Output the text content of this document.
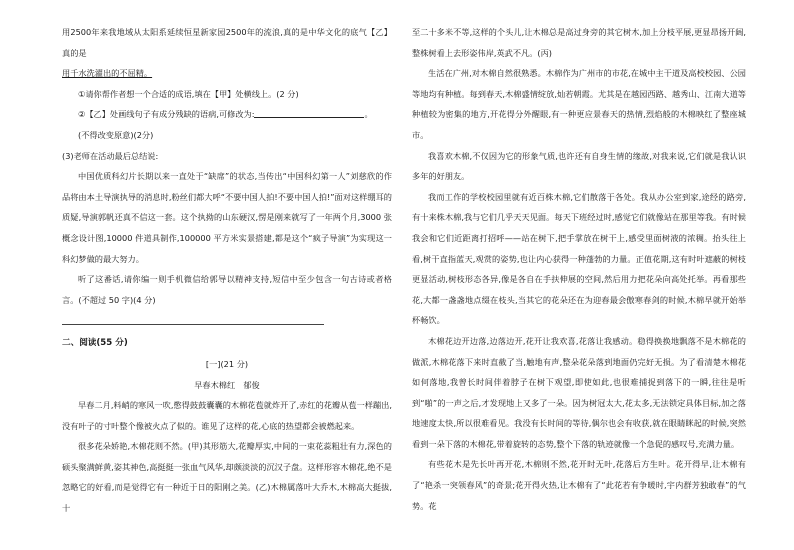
用2500年来我地域从太阳系延续恒星新家园2500年的流浪,真的是中华文化的底气【乙】真的是
用千水洗濯出的不屈精。

①请你帮作者想一个合适的成语,填在【甲】处横线上。(2 分)

②【乙】处画线句子有成分残缺的语病,可修改为:	。

(不得改变原意)(2分)

(3)老师在活动最后总结说:

中国优质科幻片长期以来一直处于“缺席”的状态,当传出“中国科幻第一人”刘慈欣的作品将由本土导演执导的消息时,粉丝们都大呼“不要中国人拍!不要中国人拍!”面对这样绷耳的质疑,导演郭帆还真不信这一套。这个执拗的山东硬汉,愣是刚来就写了一年两个月,3000 张概念设计图,10000 件道具制作,100000 平方米实景搭建,都是这个“疯子导演”为实现这一科幻梦做的最大努力。

听了这番话,请你编一则手机微信给郭导以精神支持,短信中至少包含一句古诗或者格言。(不超过 50 字)(4 分)

二、阅读(55 分)

[一](21 分)

早春木棉红　郁俊

早春二月,料峭的寒风一吹,憋得鼓鼓囊囊的木棉花苞就炸开了,赤红的花瓣从苞一样蹦出,没有叶子的寸叶整个像被火点了似的。谁见了这样的花,心底的热望都会被燃起来。

很多花朵娇艳,木棉花则不然。(甲)其形筋大,花瓣厚实,中间的一束花蕊粗壮有力,深色的硕头聚满鲜黄,姿其神色,高挺挺一张血气风华,却颇淡淡的沉汉子盘。这样形容木棉花,绝不是忽略它的好看,而是觉得它有一种近于日的阳刚之美。(乙)木棉属落叶大乔木,木棉高大挺拔,十

至二十多米不等,这样的个头儿,让木棉总是高过身旁的其它树木,加上分枝平展,更显昂扬开阔,整株树看上去形姿伟岸,英武不凡。(丙)

生活在广州,对木棉自然很熟悉。木棉作为广州市的市花,在城中主干道及高校校园、公园等地均有种植。每到春天,木棉盛情绽放,灿若朝霞。尤其是在越园西路、越秀山、江南大道等种植较为密集的地方,开花得分外醒眼,有一种更应景春天的热情,烈焰般的木棉映红了整座城市。

我喜欢木棉,不仅因为它的形象气质,也许还有自身生情的缘故,对我来说,它们就是我认识多年的好朋友。

我而工作的学校校园里就有近百株木棉,它们散落于各处。我从办公室到家,途经的路旁,有十来株木棉,我与它们几乎天天见面。每天下班经过时,感觉它们就像站在那里等我。有时候我会和它们近距离打招呼——站在树下,把手掌放在树干上,感受里面树液的浓稠。抬头往上看,树干直指蓝天,观赏的姿势,也让内心获得一种蓬勃的力量。正值花期,这有时叶遮蔽的树枝更显活动,树枝形态各异,像是各自在手扶伸展的空间,然后用力把花朵向高处托举。再看那些花,大都一盏盏地点缀在枝头,当其它的花朵还在为迎春最会傲寒春剑的时候,木棉早就开始举杯畅饮。

木棉花边开边落,边落边开,花开让我欢喜,花落让我感动。稳得换换地飘落不是木棉花的做派,木棉花落下来时直截了当,触地有声,整朵花朵落到地面仍完好无损。为了看清楚木棉花如何落地,我曾长时间伴着脖子在树下观望,即使如此,也很难捕捉到落下的一瞬,往往是听到“啪”的一声之后,才发现地上又多了一朵。因为树冠太大,花太多,无法锁定具体目标,加之落地速度太快,所以很难看见。我没有长时间的等待,偶尔也会有收获,就在眼睛眯起的时候,突然看到一朵下落的木棉花,带着旋转的态势,整个下落的轨迹就像一个急促的感叹号,充满力量。

有些花木是先长叶再开花,木棉则不然,花开时无叶,花落后方生叶。花开得早,让木棉有了“艳杀一突领春风”的奇景;花开得火热,让木棉有了“此花若有争暖时,宇内群芳独敢春”的气势。花
